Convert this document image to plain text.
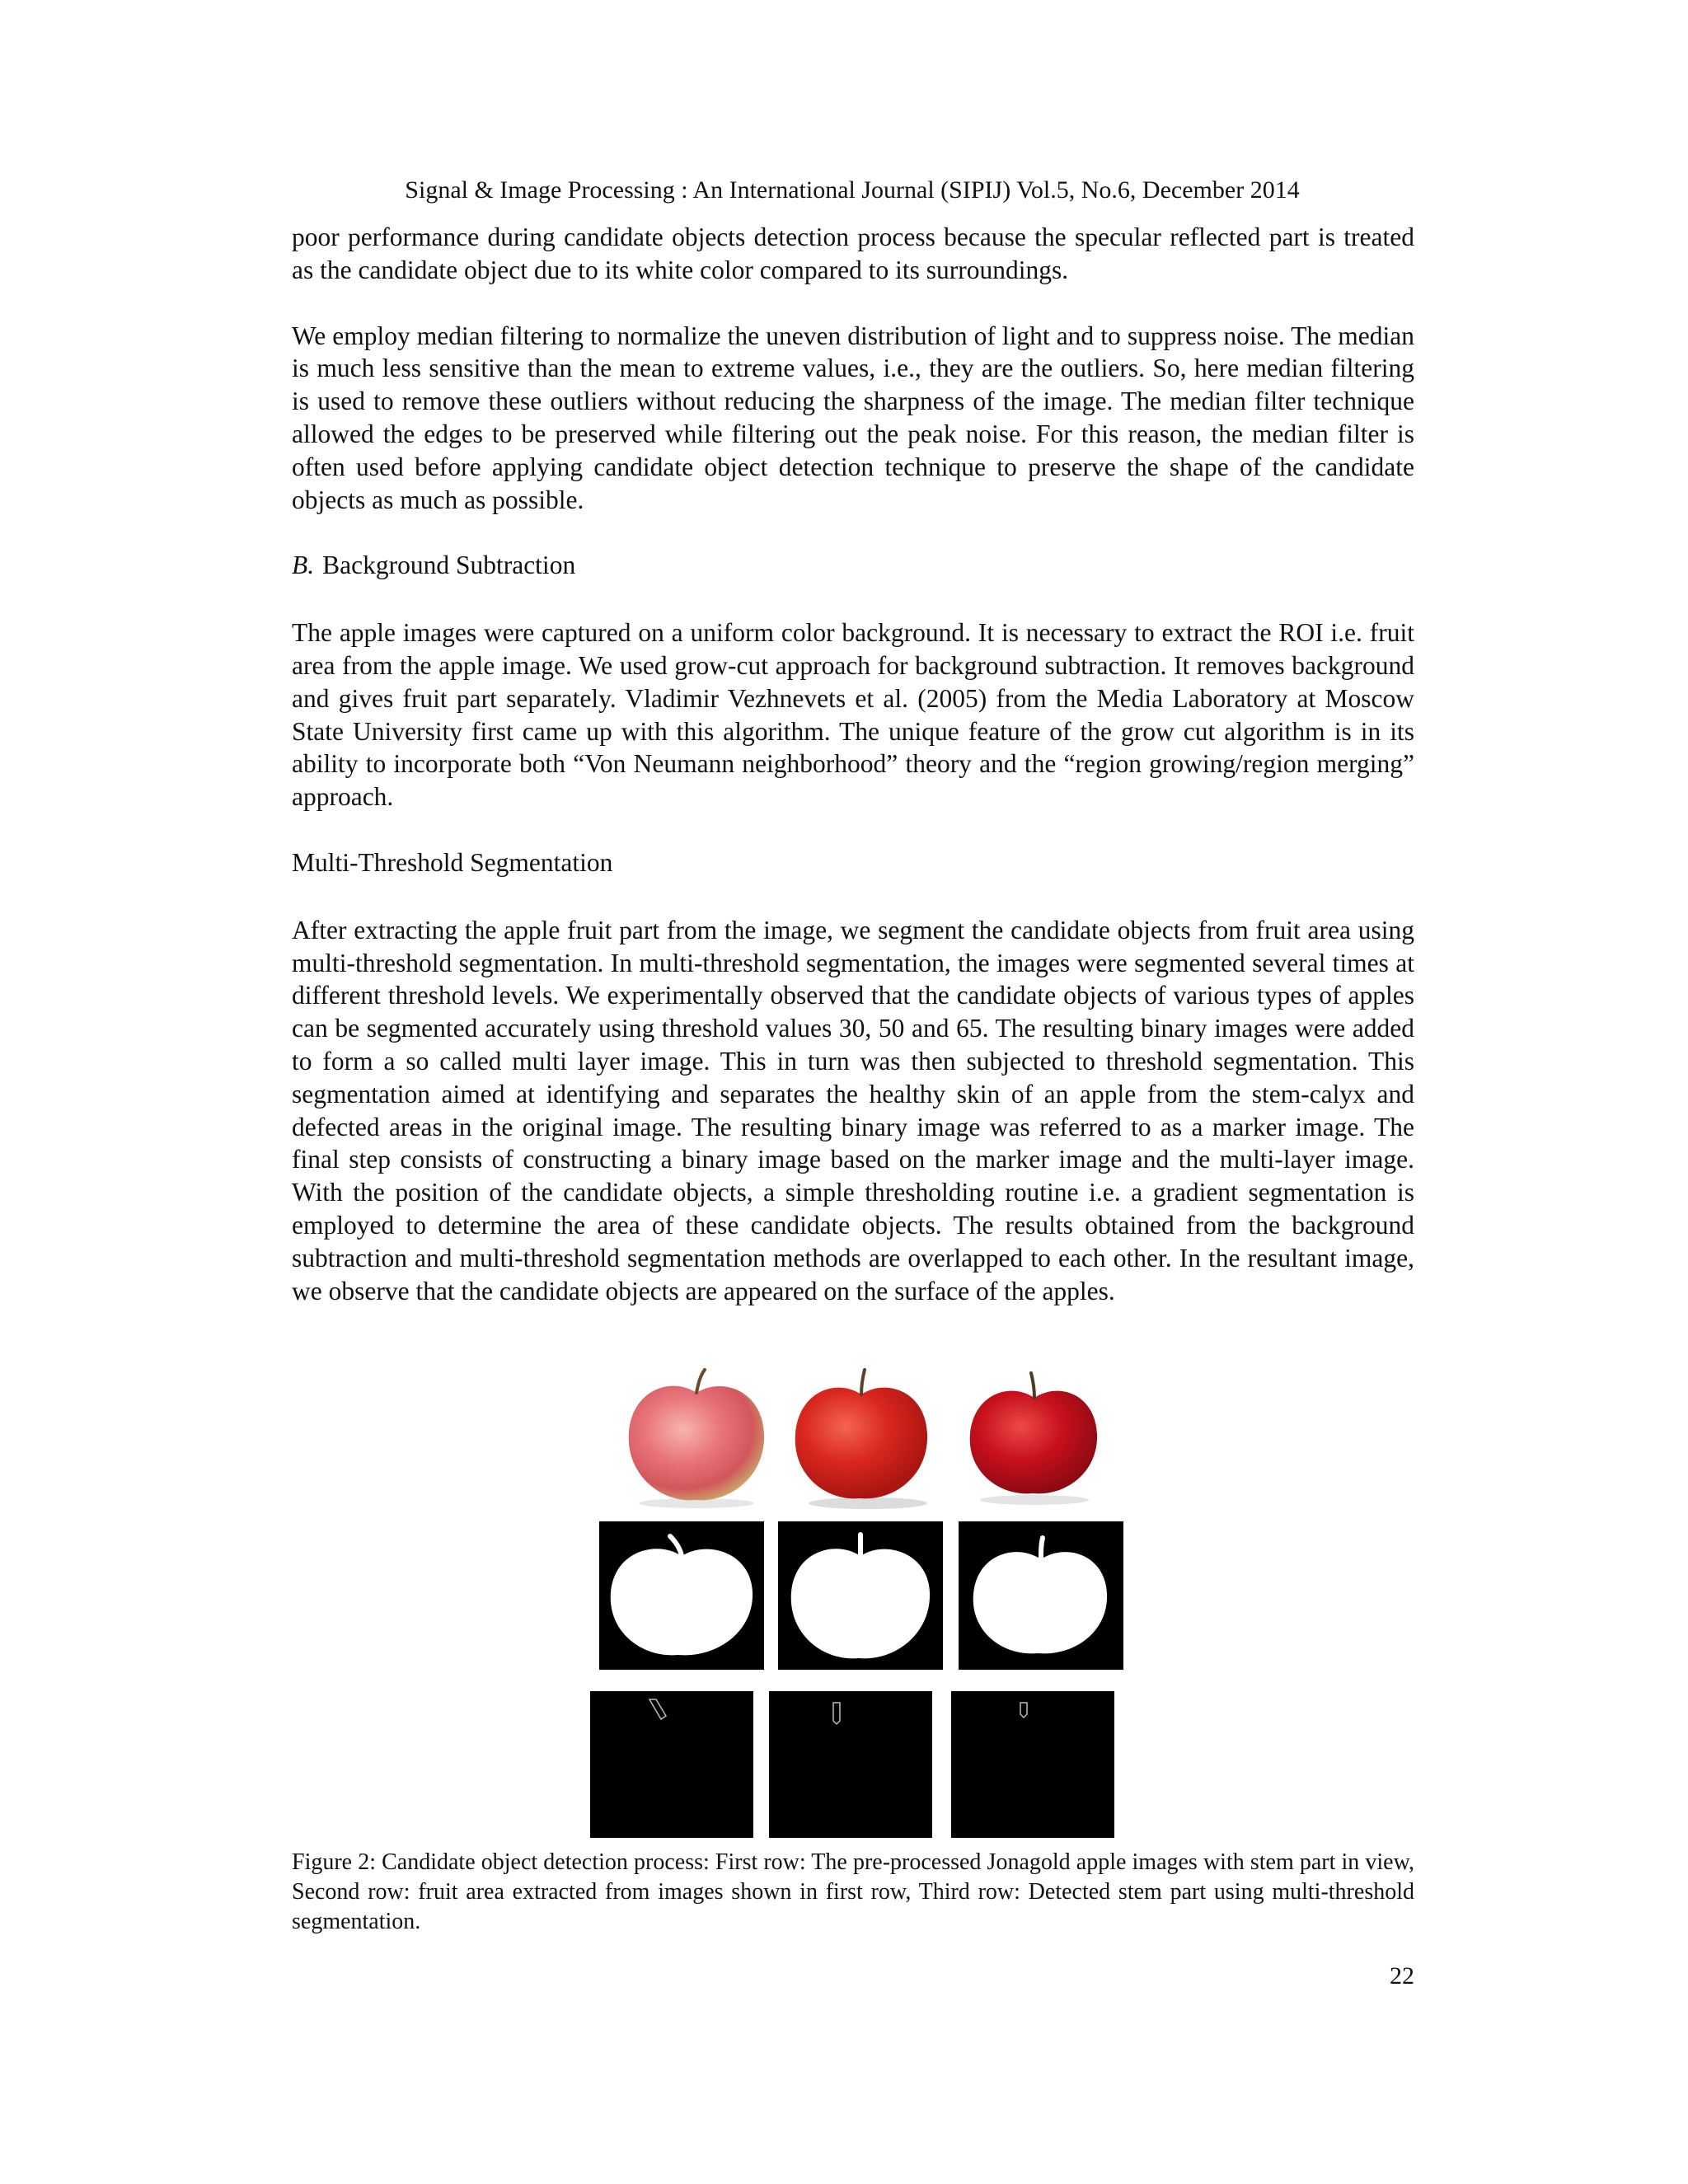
Signal & Image Processing : An International Journal (SIPIJ) Vol.5, No.6, December 2014

poor performance during candidate objects detection process because the specular reflected part is treated as the candidate object due to its white color compared to its surroundings.

We employ median filtering to normalize the uneven distribution of light and to suppress noise. The median is much less sensitive than the mean to extreme values, i.e., they are the outliers. So, here median filtering is used to remove these outliers without reducing the sharpness of the image. The median filter technique allowed the edges to be preserved while filtering out the peak noise. For this reason, the median filter is often used before applying candidate object detection technique to preserve the shape of the candidate objects as much as possible.

B. Background Subtraction

The apple images were captured on a uniform color background. It is necessary to extract the ROI i.e. fruit area from the apple image. We used grow-cut approach for background subtraction. It removes background and gives fruit part separately. Vladimir Vezhnevets et al. (2005) from the Media Laboratory at Moscow State University first came up with this algorithm. The unique feature of the grow cut algorithm is in its ability to incorporate both “Von Neumann neighborhood” theory and the “region growing/region merging” approach.

Multi-Threshold Segmentation

After extracting the apple fruit part from the image, we segment the candidate objects from fruit area using multi-threshold segmentation. In multi-threshold segmentation, the images were segmented several times at different threshold levels. We experimentally observed that the candidate objects of various types of apples can be segmented accurately using threshold values 30, 50 and 65. The resulting binary images were added to form a so called multi layer image. This in turn was then subjected to threshold segmentation. This segmentation aimed at identifying and separates the healthy skin of an apple from the stem-calyx and defected areas in the original image. The resulting binary image was referred to as a marker image. The final step consists of constructing a binary image based on the marker image and the multi-layer image. With the position of the candidate objects, a simple thresholding routine i.e. a gradient segmentation is employed to determine the area of these candidate objects. The results obtained from the background subtraction and multi-threshold segmentation methods are overlapped to each other. In the resultant image, we observe that the candidate objects are appeared on the surface of the apples.

Figure 2: Candidate object detection process: First row: The pre-processed Jonagold apple images with stem part in view, Second row: fruit area extracted from images shown in first row, Third row: Detected stem part using multi-threshold segmentation.

22
